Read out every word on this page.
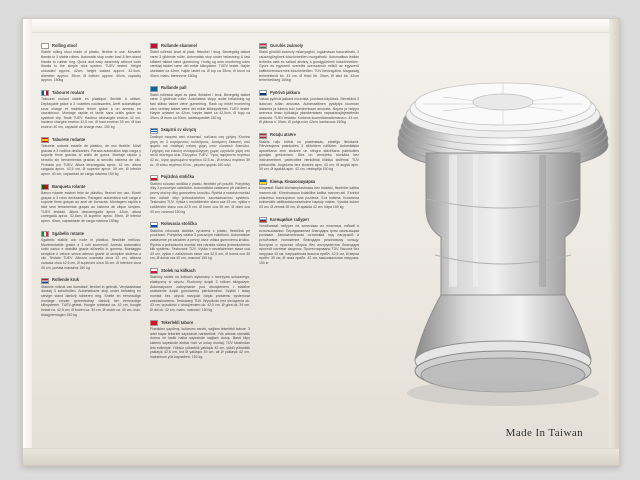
Rolling stool
Stable rolling stool made of plastic, flexible in use. Movable thanks to 3 stable rollers. Automatic stop under load & firm stand thanks to rubber ring. Quick and easy assembly without tools thanks to the simple click system. TUEV tested. Height unloaded approx. 42cm, height loaded approx. 42.5cm, diameter approx. 39cm, Ø bottom approx. 40cm, capacity approx. 150kg
Tabouret roulant
Tabouret roulant stable en plastique, flexible à utiliser. Déplaçable grâce à 3 roulettes coulissantes. Arrêt automatique sous charge et maintien ferme grâce à un anneau en caoutchouc. Montage rapide et facile sans outils grâce au système clip. Testé TUEV. Hauteur déchargée environ 42 cm, hauteur chargée environ 42,5 cm, Ø haut environ 39 cm, Ø bas environ 40 cm, capacité de charge max. 150 kg
Taburete rodante
Taburete rodante estable de plástico, de uso flexible. Móvil gracias a 3 rodillos deslizantes. Parada automática bajo carga y soporte firme gracias al anillo de goma. Montaje rápido y sencillo sin herramientas gracias al sencillo sistema de clic. Probado por TUEV. Altura descargada aprox. 42 cm, altura cargada aprox. 42,5 cm, Ø superior aprox. 39 cm, Ø inferior aprox. 40 cm, capacidad de carga máxima 150 kg
Banqueta rolante
Banco rolante estável feito de plástico, flexível em uso. Móvel graças a 3 rolos deslizantes. Paragem automática sob carga e suporte firme graças ao anel de borracha. Montagem rápida e fácil sem ferramentas graças ao sistema de clique simples. TUEV testado. Altura descarregada aprox. 42cm, altura carregada aprox. 42,5cm, Ø superior aprox. 39cm, Ø inferior aprox. 40cm, capacidade de carga máxima 150kg
Sgabello rotante
Sgabello stabile con ruote in plastica, flessibile nell'uso. Movimentabile grazie a 3 rulli scorrevoli. Arresto automatico sotto carico e stabilità grazie all'anello in gomma. Montaggio semplice e veloce senza attrezzi grazie al semplice sistema a clic. Testato TUEV. Altezza scaricata circa 42 cm, altezza caricata circa 42,5 cm, Ø superiore circa 39 cm, Ø inferiore circa 40 cm, portata massima 150 kg
Rollende kruk
Stabiele rolkruk van kunststof, flexibel in gebruik. Verplaatsbaar dankzij 3 schuifrollen. Automatische stop onder belasting en stevige stand dankzij rubberen ring. Snelle en eenvoudige montage zonder gereedschap dankzij het eenvoudige kliksysteem. TUEV-getest. Hoogte onbelast ca. 42 cm, hoogte belast ca. 42,5 cm, Ø boven ca. 39 cm, Ø onder ca. 40 cm, max. draagvermogen 150 kg
Rullande skammel
Stabil rullestol lavet af plast, fleksibel i brug. Bevægelig takket være 3 glidende ruller. Automatisk stop under belastning & fast ståsted takket være gummiring. Hurtig og nem montering uden værktøj takket være det enkle kliksystem. TUEV testet. Højde ubelastet ca 42cm, højde lastet ca. Ø top ca 39cm, Ø bund ca 40cm, maks. bæreevne 150kg
Rullande pall
Stabil rullestuk laget av plast, fleksibel i bruk. Bevegelig takket være 3 glidende ruller. Automatisk stopp under belastning og fast ståsto takket være gummiring. Rask og enkel montering uten verktøy takket være det enkle klikksystemet. TUEV testet. Høyde avlastet ca 42cm, høyde lastet ca 42,5cm, Ø topp ca 39cm, Ø bunn ca 40cm, lastekapasitet 150 kg
Σκαμπό εν κίνηση
Σταθερό σκαμπό από πλαστικό, ευέλικτο στη χρήση. Κινείται χάρη σε 3 συρόμενους κυλίνδρους. Αυτόματη διακοπή υπό φορτίο και σταθερή στάση χάρη στον ελαστικό δακτύλιο. Γρήγορη και εύκολη συναρμολόγηση χωρίς εργαλεία χάρη στο απλό σύστημα κλικ. Ελεγμένο TUEV. Ύψος αφόρτιστο περίπου 42 εκ., ύψος φορτωμένο περίπου 42,5 εκ., Ø επάνω περίπου 39 εκ., Ø κάτω περίπου 40 εκ., μέγιστο φορτίο 150 κιλά
Pojízdná stolička
Stabilní rolovací stolička z plastu, flexibilní při použití. Pohyblivý díky 3 posuvným válečkům. Automatické zastavení při zatížení a pevný otočný díky gumovému kroužku. Rychlá a snadná montáž bez nářadí díky jednoduchému zacvakávacímu systému. Testováno TÜV. Výška v nezatíženém stavu cca 43 cm, výška v zatíženém stavu cca 42,5 cm, Ø horní cca 39 cm, Ø dolní cca 40 cm, nosnost 150 kg
Rolovacia stolička
Stabilná rolovacia stolička vyrobená z plastu, flexibilná pri používaní. Pohyblivý vďaka 3 posuvným valčekom. Automatické zastavenie pri zaťažení a pevný otvor vďaka gumovému krúžku. Rýchla a jednoduchá montáž bez náradia vďaka jednoduchému klik systému. Testované TÜV. Výška v nezaťaženom stave cca 43 cm, výška v zaťaženom stave cca 42,5 cm, Ø horná cca 39 cm, Ø dolná cca 40 cm, nosnosť 150 kg
Stołek na kółkach
Stabilny stołek na kółkach wykonany z tworzywa sztucznego, elastyczny w użyciu. Ruchomy dzięki 3 rolkom ślizgowym. Automatyczne zatrzymanie pod obciążeniem i stabilne ustawienie dzięki gumowemu pierścieniowi. Szybki i łatwy montaż bez użycia narzędzi dzięki prostemu systemowi zatrzaskowemu. Testowany TÜV. Wysokość bez obciążenia ok. 43 cm, wysokość z obciążeniem ok. 42,5 cm, Ø góra ok. 39 cm, Ø dół ok. 42 cm, maks. nośność: 150 kg
Tekerlekli tabure
Plastikten yapılmış, kullanımı esnek, sağlam tekerlekli tabure. 3 adet kayar tekerlek sayesinde hareketlidir. Yük altında otomatik durma ve lastik halka sayesinde sağlam duruş. Basit klips sistemi sayesinde aletsiz hızlı ve kolay montaj. TÜV tarafından test edilmiştir. Yüksüz yükseklik yaklaşık 43 cm, yüklü yükseklik yaklaşık 42,5 cm, üst Ø yaklaşık 39 cm, alt Ø yaklaşık 42 cm, maksimum yük kapasitesi: 150 kg
Gurulós zsámoly
Stabil gördülő zsámoly műanyagból, rugalmasan használható. 3 csúszógörgőnek köszönhetően mozgatható. Automatikus leállás terhelés alatt és szilárd állvány a gumigyűrűnek köszönhetően. Gyors és egyszerű szerelés szerszámok nélkül az egyszerű kattintórendszernek köszönhetően. TÜV bevizsgálva. Magasság terheletlenül kb. 43 cm, Ø felső kb. 39cm, Ø alsó kb. 42cm terhelhetőség 150kg
Pyörivä jakkara
Vakaa pyörivä jakkara muovista, joustava käytössä. Siirrettävä 3 liukuvan rullan ansiosta. Automaattinen pysäytys kuorman alaisena ja tukeva tuki kumirenkaan ansiosta. Nopea ja helppo asennus ilman työkaluja yksinkertaisen napsautusjärjestelmän ansiosta. TUEV testattu. Korkeus kuormittamattomana n. 43 cm, Ø yläosa n. 39cm, Ø pohja noin 42cm, kantavuus 150kg
Rotaļu atsēre
Stabils ruļļu krēsls no plastmasas, elastīgs lietošanā. Pārvietojams pateicoties 3 slīdošiem rullīšiem. Automātiska apturēšana zem slodzes un stingra stāvēšana pateicoties gumijas gredzenam. Ātra un vienkārša montāža bez instrumentiem, pateicoties vienkāršai klikšķu sistēmai. TÜV pārbaudīts. Augstums bez slodzes apm. 43 cm, Ø augšā apm. 39 cm, Ø apakšā apm. 42 cm, nestspēja 150 kg
Кінець Кінахозшумрка
Кінцевий Stabil kilchsterplastmass bez blakiski, flexibilne katiba marunn-ski. Kinechowaca kulaklilba katiba marunn-ski. Erzinict zhisoreso kuorzoparun kwa poziteca. S.ia kulema. Kuoimena kolmevätic ablilkaniskoneseboine haptoiy mistav. Vysoka kulam 43 cm, Ø zemak 39 cm, Ø apakša 42 cm, kāpa 150 kg
Катящийся табурет
Устойчивый табурет на колесиках из пластика, гибкий в использовании. Передвижение благодаря трем скользящим роликам. Автоматическая остановка под нагрузкой и устойчивое положение благодаря резиновому кольцу. Быстрая и простая сборка без инструментов благодаря простой системе защелок. Протестировано TÜV. Высота без нагрузки 43 см, нагруженная высота прибл. 42,5 см, Ø верха прибл. 39 см, Ø низа прибл. 42 см, максимальная нагрузка: 150 кг
Made In Taiwan
